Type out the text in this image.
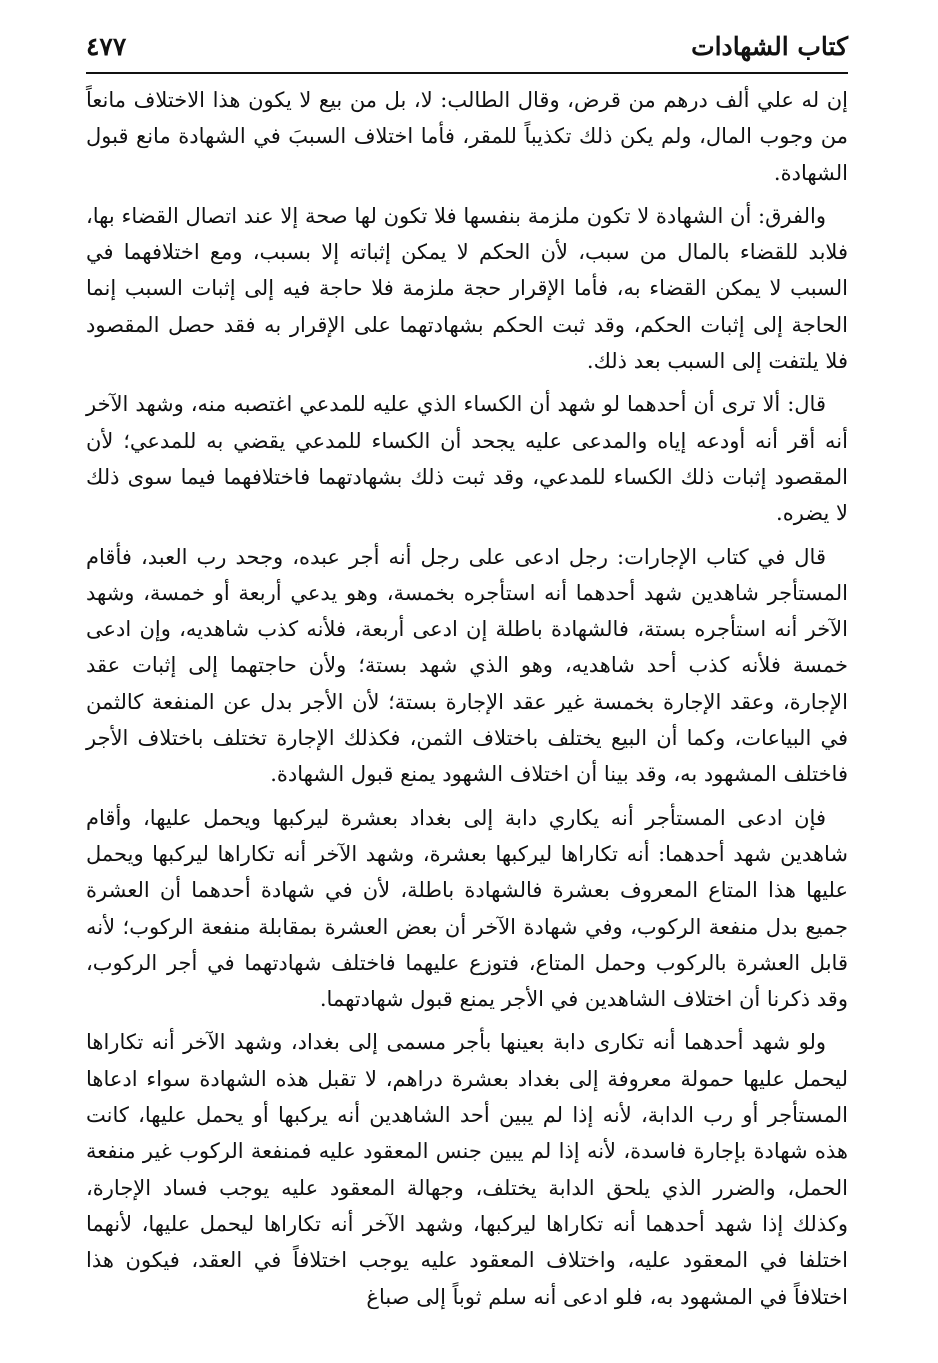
كتاب الشهادات
٤٧٧

إن له علي ألف درهم من قرض، وقال الطالب: لا، بل من بيع لا يكون هذا الاختلاف مانعاً من وجوب المال، ولم يكن ذلك تكذيباً للمقر، فأما اختلاف السببَ في الشهادة مانع قبول الشهادة.

والفرق: أن الشهادة لا تكون ملزمة بنفسها فلا تكون لها صحة إلا عند اتصال القضاء بها، فلابد للقضاء بالمال من سبب، لأن الحكم لا يمكن إثباته إلا بسبب، ومع اختلافهما في السبب لا يمكن القضاء به، فأما الإقرار حجة ملزمة فلا حاجة فيه إلى إثبات السبب إنما الحاجة إلى إثبات الحكم، وقد ثبت الحكم بشهادتهما على الإقرار به فقد حصل المقصود فلا يلتفت إلى السبب بعد ذلك.

قال: ألا ترى أن أحدهما لو شهد أن الكساء الذي عليه للمدعي اغتصبه منه، وشهد الآخر أنه أقر أنه أودعه إياه والمدعى عليه يجحد أن الكساء للمدعي يقضي به للمدعي؛ لأن المقصود إثبات ذلك الكساء للمدعي، وقد ثبت ذلك بشهادتهما فاختلافهما فيما سوى ذلك لا يضره.

قال في كتاب الإجارات: رجل ادعى على رجل أنه أجر عبده، وجحد رب العبد، فأقام المستأجر شاهدين شهد أحدهما أنه استأجره بخمسة، وهو يدعي أربعة أو خمسة، وشهد الآخر أنه استأجره بستة، فالشهادة باطلة إن ادعى أربعة، فلأنه كذب شاهديه، وإن ادعى خمسة فلأنه كذب أحد شاهديه، وهو الذي شهد بستة؛ ولأن حاجتهما إلى إثبات عقد الإجارة، وعقد الإجارة بخمسة غير عقد الإجارة بستة؛ لأن الأجر بدل عن المنفعة كالثمن في البياعات، وكما أن البيع يختلف باختلاف الثمن، فكذلك الإجارة تختلف باختلاف الأجر فاختلف المشهود به، وقد بينا أن اختلاف الشهود يمنع قبول الشهادة.

فإن ادعى المستأجر أنه يكاري دابة إلى بغداد بعشرة ليركبها ويحمل عليها، وأقام شاهدين شهد أحدهما: أنه تكاراها ليركبها بعشرة، وشهد الآخر أنه تكاراها ليركبها ويحمل عليها هذا المتاع المعروف بعشرة فالشهادة باطلة، لأن في شهادة أحدهما أن العشرة جميع بدل منفعة الركوب، وفي شهادة الآخر أن بعض العشرة بمقابلة منفعة الركوب؛ لأنه قابل العشرة بالركوب وحمل المتاع، فتوزع عليهما فاختلف شهادتهما في أجر الركوب، وقد ذكرنا أن اختلاف الشاهدين في الأجر يمنع قبول شهادتهما.

ولو شهد أحدهما أنه تكارى دابة بعينها بأجر مسمى إلى بغداد، وشهد الآخر أنه تكاراها ليحمل عليها حمولة معروفة إلى بغداد بعشرة دراهم، لا تقبل هذه الشهادة سواء ادعاها المستأجر أو رب الدابة، لأنه إذا لم يبين أحد الشاهدين أنه يركبها أو يحمل عليها، كانت هذه شهادة بإجارة فاسدة، لأنه إذا لم يبين جنس المعقود عليه فمنفعة الركوب غير منفعة الحمل، والضرر الذي يلحق الدابة يختلف، وجهالة المعقود عليه يوجب فساد الإجارة، وكذلك إذا شهد أحدهما أنه تكاراها ليركبها، وشهد الآخر أنه تكاراها ليحمل عليها، لأنهما اختلفا في المعقود عليه، واختلاف المعقود عليه يوجب اختلافاً في العقد، فيكون هذا اختلافاً في المشهود به، فلو ادعى أنه سلم ثوباً إلى صباغ
